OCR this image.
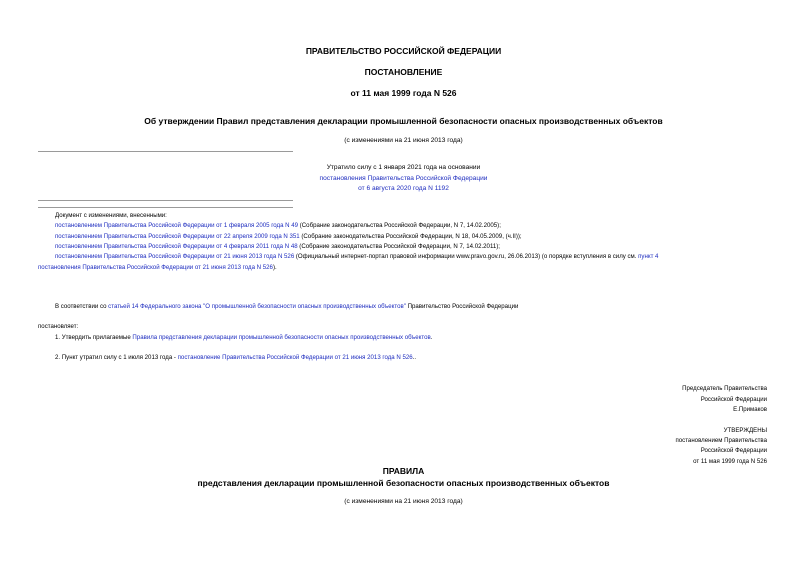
ПРАВИТЕЛЬСТВО РОССИЙСКОЙ ФЕДЕРАЦИИ
ПОСТАНОВЛЕНИЕ
от 11 мая 1999 года N 526
Об утверждении Правил представления декларации промышленной безопасности опасных производственных объектов
(с изменениями на 21 июня 2013 года)
Утратило силу с 1 января 2021 года на основании
постановления Правительства Российской Федерации
от 6 августа 2020 года N 1192
Документ с изменениями, внесенными:
постановлением Правительства Российской Федерации от 1 февраля 2005 года N 49 (Собрание законодательства Российской Федерации, N 7, 14.02.2005);
постановлением Правительства Российской Федерации от 22 апреля 2009 года N 351 (Собрание законодательства Российской Федерации, N 18, 04.05.2009, (ч.II));
постановлением Правительства Российской Федерации от 4 февраля 2011 года N 48 (Собрание законодательства Российской Федерации, N 7, 14.02.2011);
постановлением Правительства Российской Федерации от 21 июня 2013 года N 526 (Официальный интернет-портал правовой информации www.pravo.gov.ru, 26.06.2013) (о порядке вступления в силу см. пункт 4
постановления Правительства Российской Федерации от 21 июня 2013 года N 526).
В соответствии со статьей 14 Федерального закона "О промышленной безопасности опасных производственных объектов" Правительство Российской Федерации
постановляет:
1. Утвердить прилагаемые Правила представления декларации промышленной безопасности опасных производственных объектов.
2. Пункт утратил силу с 1 июля 2013 года - постановление Правительства Российской Федерации от 21 июня 2013 года N 526..
Председатель Правительства
Российской Федерации
Е.Примаков
УТВЕРЖДЕНЫ
постановлением Правительства
Российской Федерации
от 11 мая 1999 года N 526
ПРАВИЛА
представления декларации промышленной безопасности опасных производственных объектов
(с изменениями на 21 июня 2013 года)
